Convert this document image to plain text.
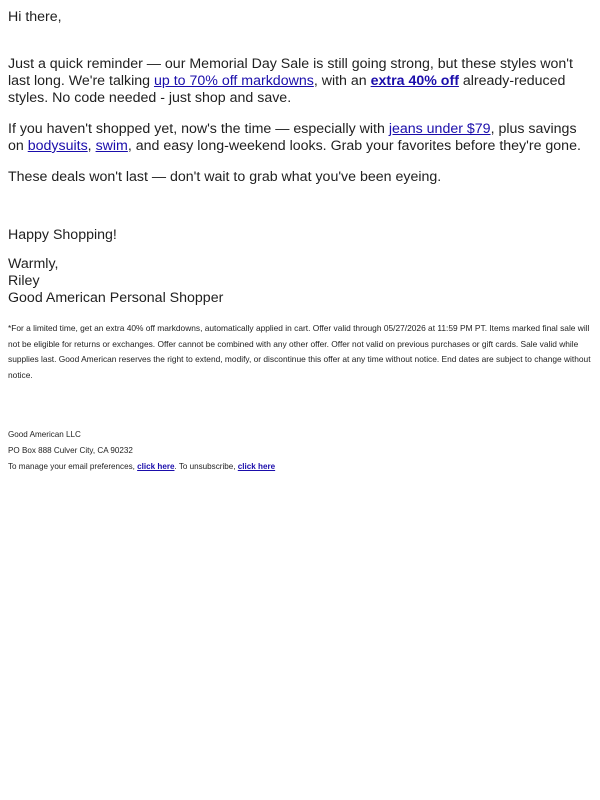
Hi there,

Just a quick reminder — our Memorial Day Sale is still going strong, but these styles won't last long. We're talking up to 70% off markdowns, with an extra 40% off already-reduced styles. No code needed - just shop and save.

If you haven't shopped yet, now's the time — especially with jeans under $79, plus savings on bodysuits, swim, and easy long-weekend looks. Grab your favorites before they're gone.

These deals won't last — don't wait to grab what you've been eyeing.

Happy Shopping!

Warmly,

Riley

Good American Personal Shopper

*For a limited time, get an extra 40% off markdowns, automatically applied in cart. Offer valid through 05/27/2026 at 11:59 PM PT. Items marked final sale will not be eligible for returns or exchanges. Offer cannot be combined with any other offer. Offer not valid on previous purchases or gift cards. Sale valid while supplies last. Good American reserves the right to extend, modify, or discontinue this offer at any time without notice. End dates are subject to change without notice.

Good American LLC

PO Box 888 Culver City, CA 90232

To manage your email preferences, click here. To unsubscribe, click here
